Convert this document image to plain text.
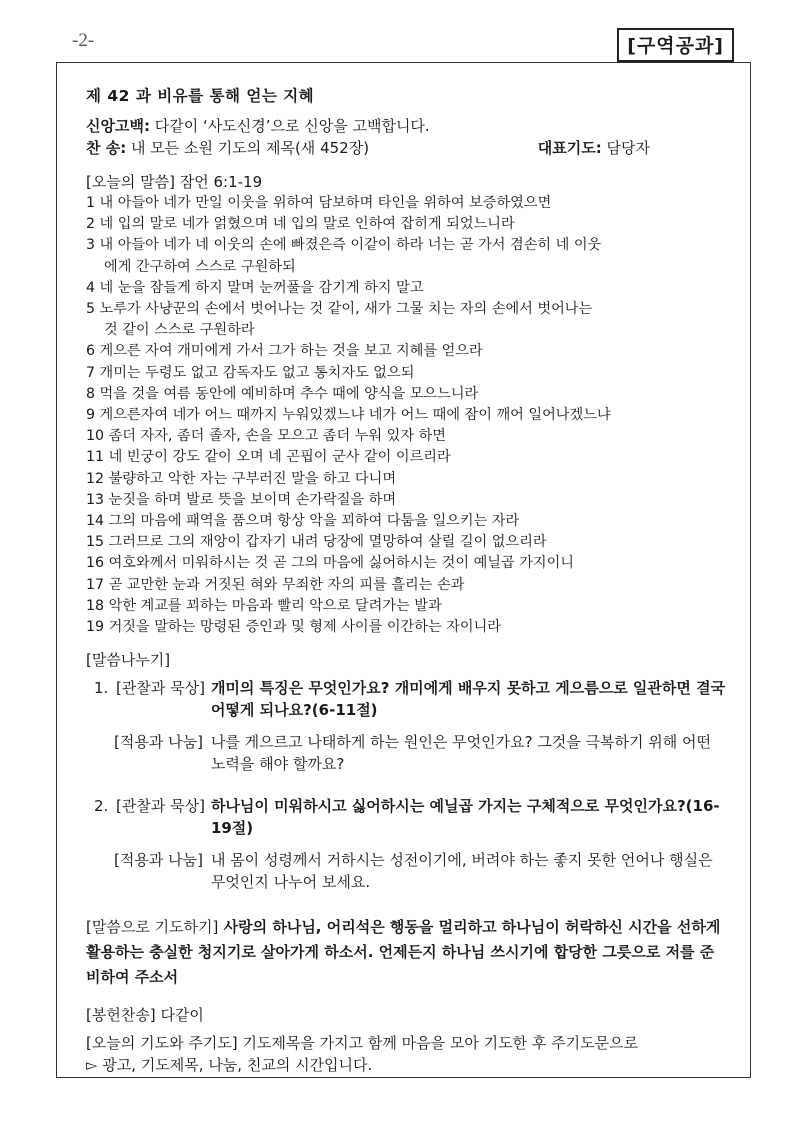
-2-	[구역공과]

제 42 과 비유를 통해 얻는 지혜

신앙고백: 다같이 ‘사도신경’으로 신앙을 고백합니다.

찬 송: 내 모든 소원 기도의 제목(새 452장)	대표기도: 담당자

[오늘의 말씀] 잠언 6:1-19

1 내 아들아 네가 만일 이웃을 위하여 담보하며 타인을 위하여 보증하였으면

2 네 입의 말로 네가 얽혔으며 네 입의 말로 인하여 잡히게 되었느니라

3 내 아들아 네가 네 이웃의 손에 빠졌은즉 이같이 하라 너는 곧 가서 겸손히 네 이웃
에게 간구하여 스스로 구원하되

4 네 눈을 잠들게 하지 말며 눈꺼풀을 감기게 하지 말고

5 노루가 사냥꾼의 손에서 벗어나는 것 같이, 새가 그물 치는 자의 손에서 벗어나는
것 같이 스스로 구원하라

6 게으른 자여 개미에게 가서 그가 하는 것을 보고 지혜를 얻으라

7 개미는 두령도 없고 감독자도 없고 통치자도 없으되

8 먹을 것을 여름 동안에 예비하며 추수 때에 양식을 모으느니라

9 게으른자여 네가 어느 때까지 누워있겠느냐 네가 어느 때에 잠이 깨어 일어나겠느냐

10 좀더 자자, 좀더 졸자, 손을 모으고 좀더 누워 있자 하면

11 네 빈궁이 강도 같이 오며 네 곤핍이 군사 같이 이르리라

12 불량하고 악한 자는 구부러진 말을 하고 다니며

13 눈짓을 하며 발로 뜻을 보이며 손가락질을 하며

14 그의 마음에 패역을 품으며 항상 악을 꾀하여 다툼을 일으키는 자라

15 그러므로 그의 재앙이 갑자기 내려 당장에 멸망하여 살릴 길이 없으리라

16 여호와께서 미워하시는 것 곧 그의 마음에 싫어하시는 것이 예닐곱 가지이니

17 곧 교만한 눈과 거짓된 혀와 무죄한 자의 피를 흘리는 손과

18 악한 계교를 꾀하는 마음과 빨리 악으로 달려가는 발과

19 거짓을 말하는 망령된 증인과 및 형제 사이를 이간하는 자이니라

[말씀나누기]

1. [관찰과 묵상] 개미의 특징은 무엇인가요? 개미에게 배우지 못하고 게으름으로 일관하면 결국 어떻게 되나요?(6-11절)
[적용과 나눔] 나를 게으르고 나태하게 하는 원인은 무엇인가요? 그것을 극복하기 위해 어떤 노력을 해야 할까요?
2. [관찰과 묵상] 하나님이 미워하시고 싫어하시는 예닐곱 가지는 구체적으로 무엇인가요?(16-19절)
[적용과 나눔] 내 몸이 성령께서 거하시는 성전이기에, 버려야 하는 좋지 못한 언어나 행실은 무엇인지 나누어 보세요.

[말씀으로 기도하기] 사랑의 하나님, 어리석은 행동을 멀리하고 하나님이 허락하신 시간을 선하게 활용하는 충실한 청지기로 살아가게 하소서. 언제든지 하나님 쓰시기에 합당한 그릇으로 저를 준비하여 주소서

[봉헌찬송] 다같이

[오늘의 기도와 주기도] 기도제목을 가지고 함께 마음을 모아 기도한 후 주기도문으로
▻ 광고, 기도제목, 나눔, 친교의 시간입니다.
